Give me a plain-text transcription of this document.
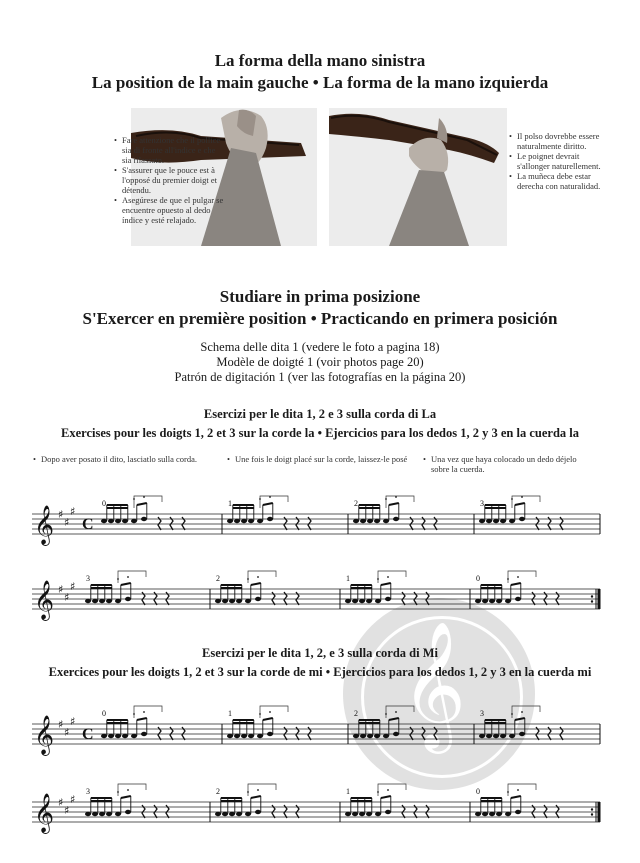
La forma della mano sinistra
La position de la main gauche • La forma de la mano izquierda
• Fare attenzione che il pollice sia di fronte all'indice e che sia rilassato.
• S'assurer que le pouce est à l'opposé du premier doigt et détendu.
• Asegúrese de que el pulgar se encuentre opuesto al dedo índice y esté relajado.
• Il polso dovrebbe essere naturalmente diritto.
• Le poignet devrait s'allonger naturellement.
• La muñeca debe estar derecha con naturalidad.
Studiare in prima posizione
S'Exercer en première position • Practicando en primera posición
Schema delle dita 1 (vedere le foto a pagina 18)
Modèle de doigté 1 (voir photos page 20)
Patrón de digitación 1 (ver las fotografías en la página 20)
Esercizi per le dita 1, 2 e 3 sulla corda di La
Exercises pour les doigts 1, 2 et 3 sur la corde la • Ejercicios para los dedos 1, 2 y 3 en la cuerda la
• Dopo aver posato il dito, lasciatlo sulla corda.	• Une fois le doigt placé sur la corde, laissez-le posé	• Una vez que haya colocado un dedo déjelo sobre la cuerda.
𝄞
𝄞 ♯
♯
♯
C
0	1	2	3
𝄞 ♯
♯
♯
3	2	1	0
Esercizi per le dita 1, 2, e 3 sulla corda di Mi
Exercices pour les doigts 1, 2 et 3 sur la corde de mi • Ejercicios para los dedos 1, 2 y 3 en la cuerda mi
𝄞 ♯
♯
♯
C
0	1	2	3
𝄞 ♯
♯
♯
3	2	1	0
